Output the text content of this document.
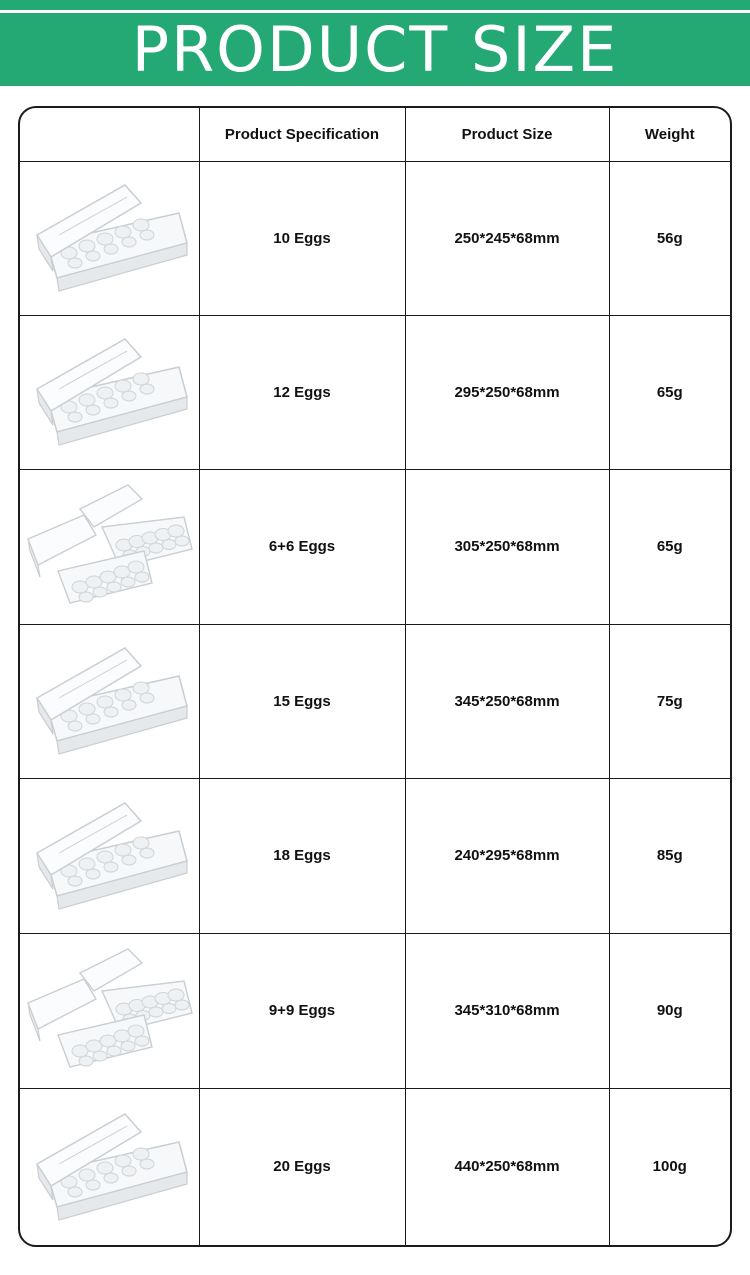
PRODUCT SIZE
	Product Specification	Product Size	Weight

	10 Eggs	250*245*68mm	56g

	12 Eggs	295*250*68mm	65g

	6+6 Eggs	305*250*68mm	65g

	15 Eggs	345*250*68mm	75g

	18 Eggs	240*295*68mm	85g

	9+9 Eggs	345*310*68mm	90g

	20 Eggs	440*250*68mm	100g
